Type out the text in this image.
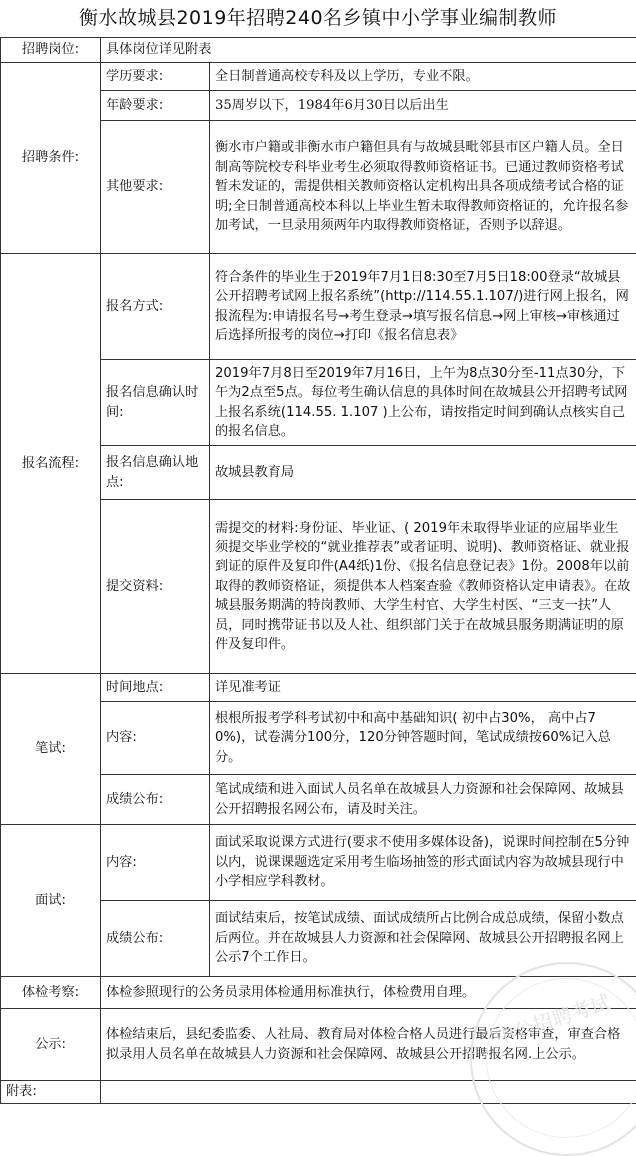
衡水故城县2019年招聘240名乡镇中小学事业编制教师
招聘岗位:	具体岗位详见附表	
招聘条件:	学历要求:	全日制普通高校专科及以上学历，专业不限。
	年龄要求:	35周岁以下，1984年6月30日以后出生
	其他要求:	衡水市户籍或非衡水市户籍但具有与故城县毗邻县市区户籍人员。全日制高等院校专科毕业考生必须取得教师资格证书。已通过教师资格考试暂未发证的，需提供相关教师资格认定机构出具各项成绩考试合格的证明;全日制普通高校本科以上毕业生暂未取得教师资格证的，允许报名参加考试，一旦录用须两年内取得教师资格证，否则予以辞退。
报名流程:	报名方式:	符合条件的毕业生于2019年7月1日8:30至7月5日18:00登录“故城县公开招聘考试网上报名系统”(http://114.55.1.107/)进行网上报名，网报流程为:申请报名号→考生登录→填写报名信息→网上审核→审核通过后选择所报考的岗位→打印《报名信息表》
	报名信息确认时间:	2019年7月8日至2019年7月16日，上午为8点30分至-11点30分，下午为2点至5点。每位考生确认信息的具体时间在故城县公开招聘考试网上报名系统(114.55. 1.107 )上公布，请按指定时间到确认点核实自己的报名信息。
	报名信息确认地点:	故城县教育局
	提交资料:	需提交的材料:身份证、毕业证、( 2019年未取得毕业证的应届毕业生须提交毕业学校的“就业推荐表”或者证明、说明)、教师资格证、就业报到证的原件及复印件(A4纸)1份、《报名信息登记表》1份。2008年以前取得的教师资格证，须提供本人档案查验《教师资格认定申请表》。在故城县服务期满的特岗教师、大学生村官、大学生村医、“三支一扶”人员，同时携带证书以及人社、组织部门关于在故城县服务期满证明的原件及复印件。
笔试:	时间地点:	详见准考证
	内容:	根根所报考学科考试初中和高中基础知识( 初中占30%， 高中占70%)，试卷满分100分，120分钟答题时间，笔试成绩按60%记入总分。
	成绩公布:	笔试成绩和进入面试人员名单在故城县人力资源和社会保障网、故城县公开招聘报名网公布，请及时关注。
面试:	内容:	面试采取说课方式进行(要求不使用多媒体设备)，说课时间控制在5分钟以内，说课课题选定采用考生临场抽签的形式面试内容为故城县现行中小学相应学科教材。
	成绩公布:	面试结束后，按笔试成绩、面试成绩所占比例合成总成绩，保留小数点后两位。并在故城县人力资源和社会保障网、故城县公开招聘报名网上公示7个工作日。
体检考察:	体检参照现行的公务员录用体检通用标准执行，体检费用自理。	
公示:	体检结束后，县纪委监委、人社局、教育局对体检合格人员进行最后资格审查，审查合格拟录用人员名单在故城县人力资源和社会保障网、故城县公开招聘报名网.上公示。	
附表:		
中公招聘考试
